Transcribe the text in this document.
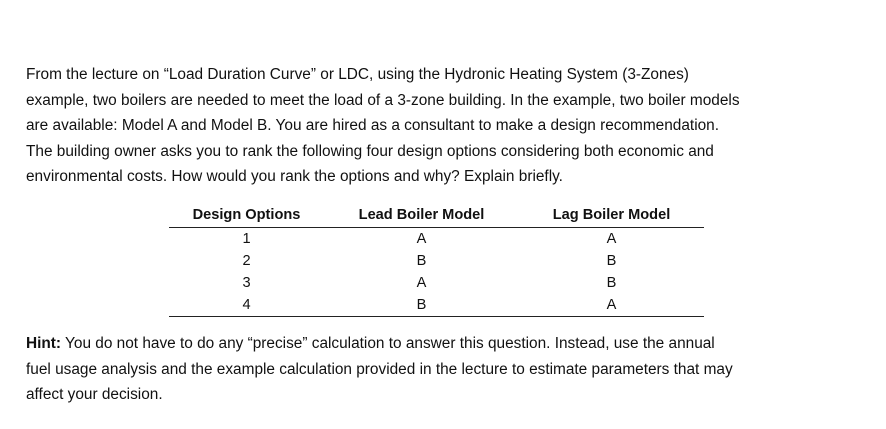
From the lecture on “Load Duration Curve” or LDC, using the Hydronic Heating System (3-Zones)
example, two boilers are needed to meet the load of a 3-zone building. In the example, two boiler models
are available: Model A and Model B. You are hired as a consultant to make a design recommendation.
The building owner asks you to rank the following four design options considering both economic and
environmental costs. How would you rank the options and why? Explain briefly.

Design Options	Lead Boiler Model	Lag Boiler Model
1	A	A
2	B	B
3	A	B
4	B	A

Hint: You do not have to do any “precise” calculation to answer this question. Instead, use the annual
fuel usage analysis and the example calculation provided in the lecture to estimate parameters that may
affect your decision.
